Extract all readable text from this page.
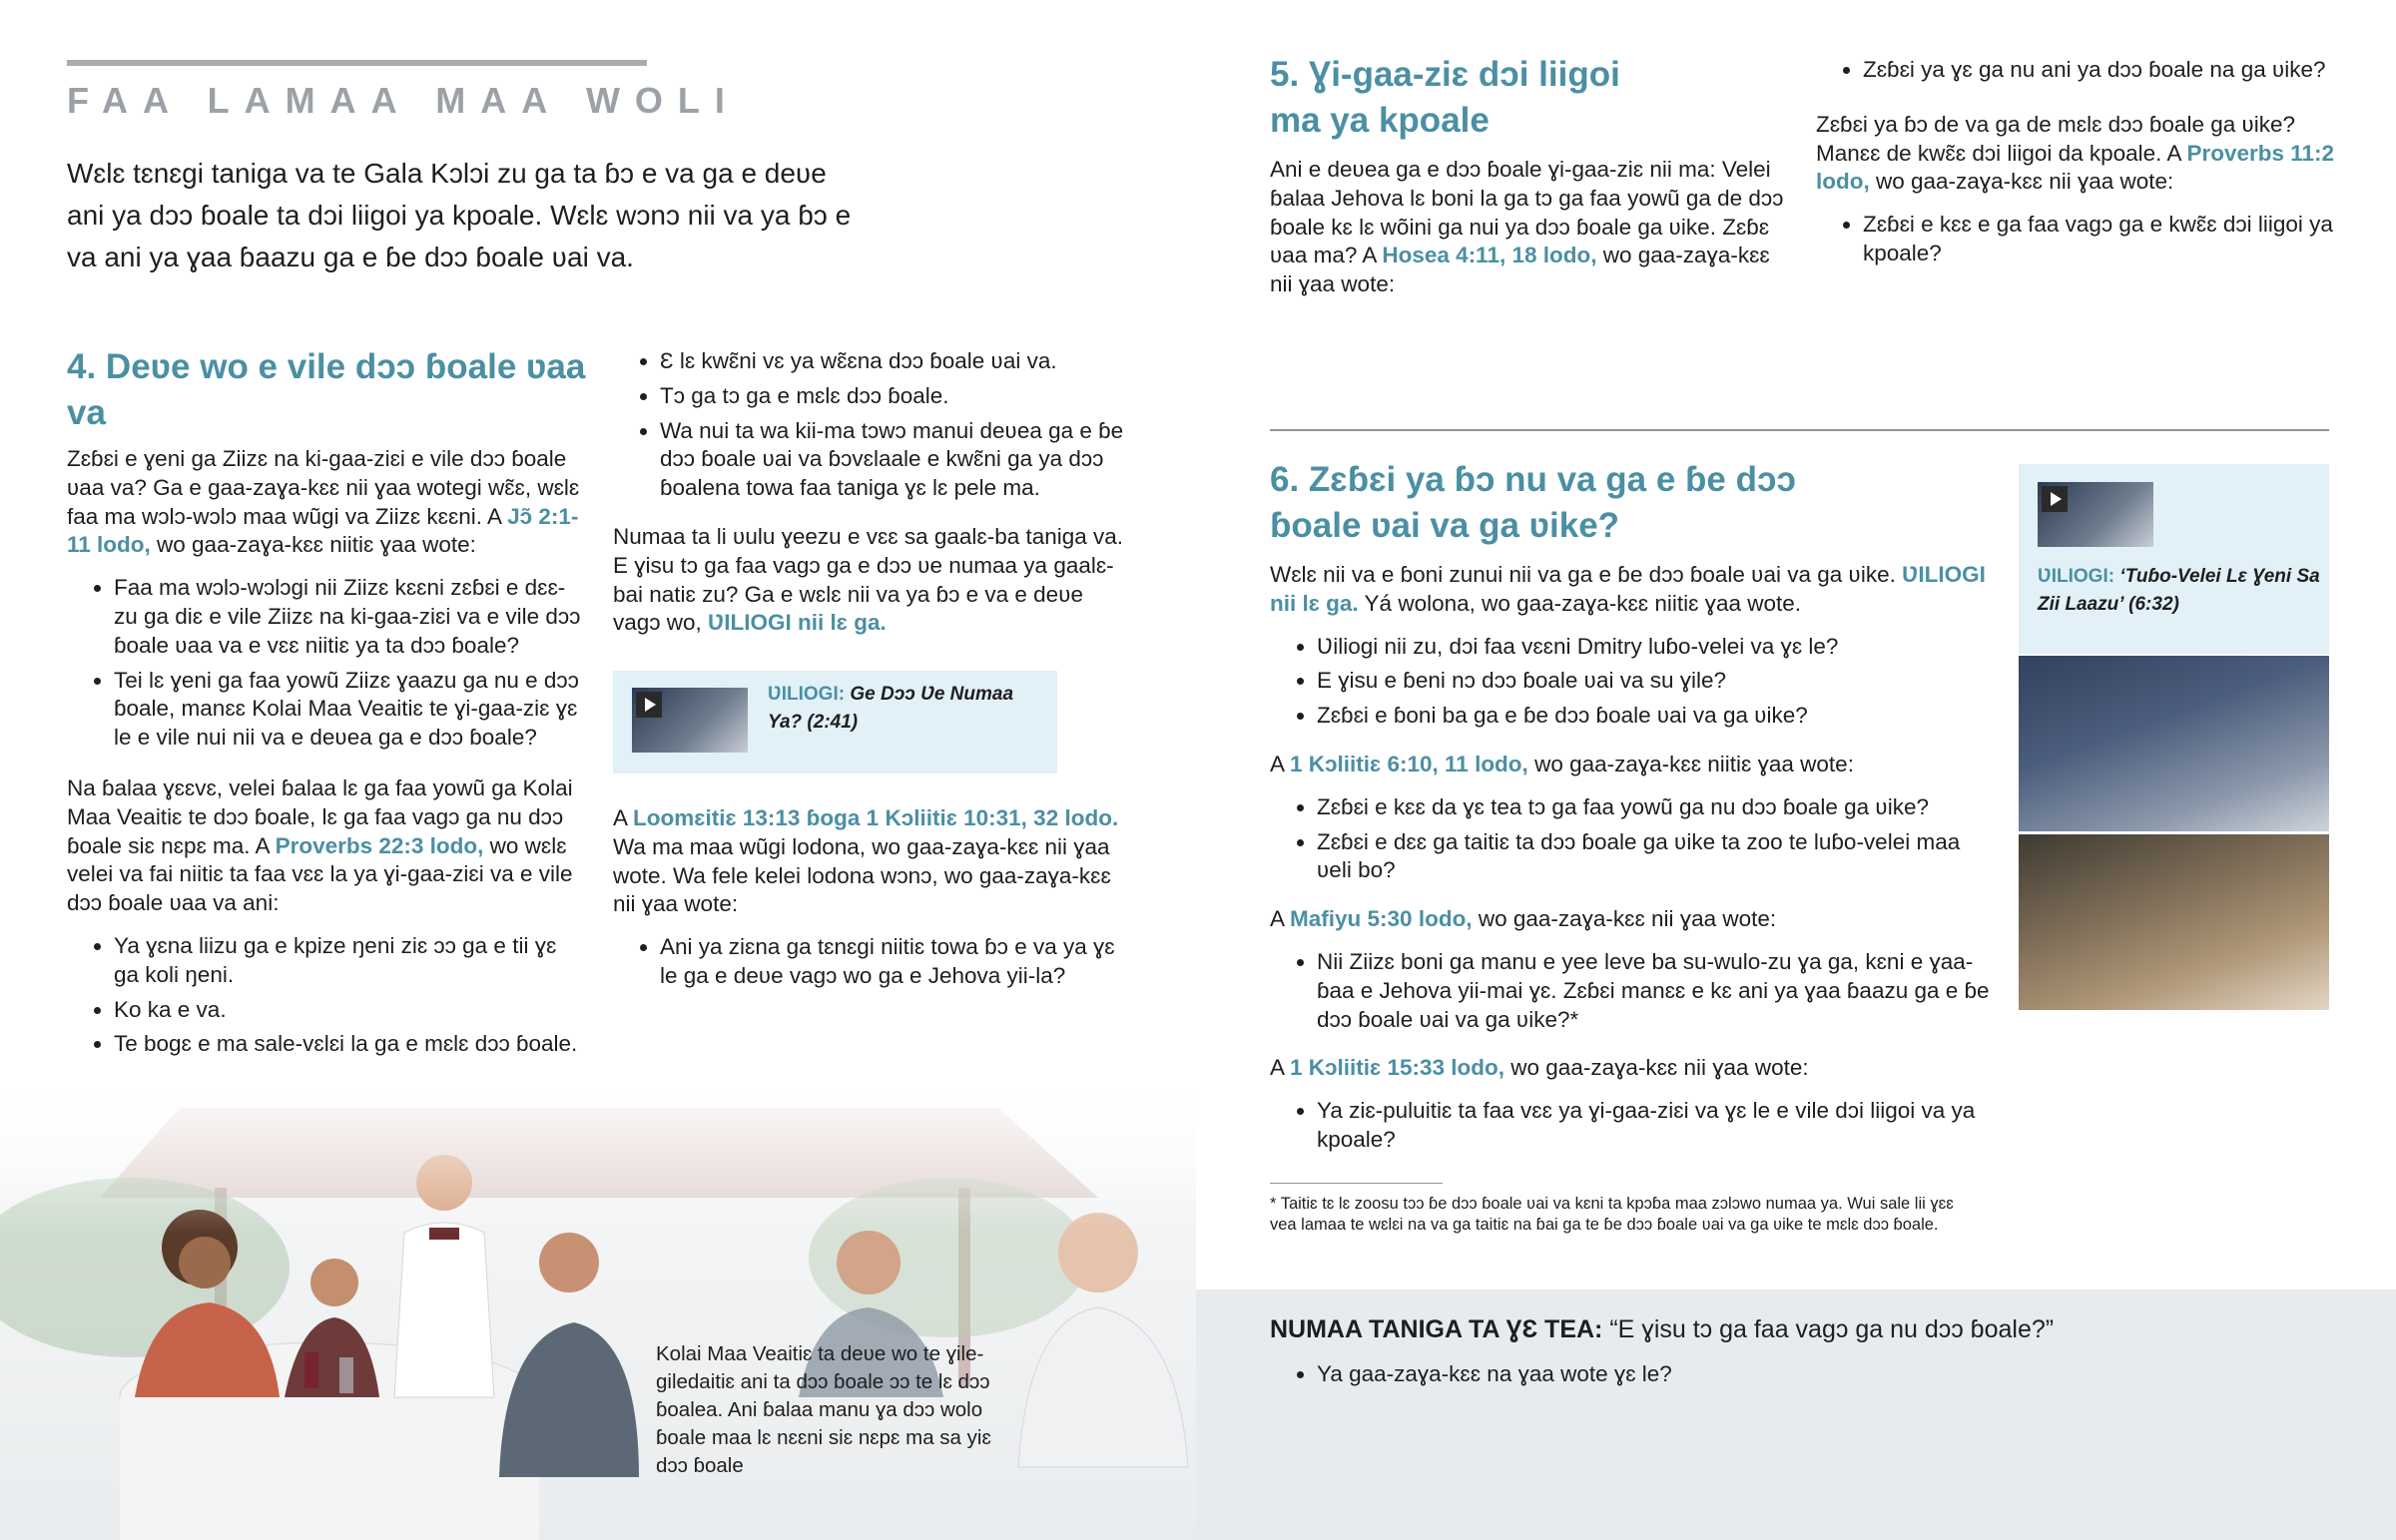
FAA LAMAA MAA WOLI
Wɛlɛ tɛnɛgi taniga va te Gala Kɔlɔi zu ga ta ɓɔ e va ga e deʋe ani ya dɔɔ ɓoale ta dɔi liigoi ya kpoale. Wɛlɛ wɔnɔ nii va ya ɓɔ e va ani ya ɣaa ɓaazu ga e ɓe dɔɔ ɓoale ʋai va.
4. Deʋe wo e vile dɔɔ ɓoale ʋaa va

Zɛɓɛi e ɣeni ga Ziizɛ na ki-gaa-ziɛi e vile dɔɔ ɓoale ʋaa va? Ga e gaa-zaɣa-kɛɛ nii ɣaa wotegi wɛ̃ɛ, wɛlɛ faa ma wɔlɔ-wɔlɔ maa wũgi va Ziizɛ kɛɛni. A Jɔ̃ 2:1-11 lodo, wo gaa-zaɣa-kɛɛ niitiɛ ɣaa wote:

• Faa ma wɔlɔ-wɔlɔgi nii Ziizɛ kɛɛni zɛɓɛi e dɛɛ-zu ga diɛ e vile Ziizɛ na ki-gaa-ziɛi va e vile dɔɔ ɓoale ʋaa va e vɛɛ niitiɛ ya ta dɔɔ ɓoale?
• Tei lɛ ɣeni ga faa yowũ Ziizɛ ɣaazu ga nu e dɔɔ ɓoale, manɛɛ Kolai Maa Veaitiɛ te ɣi-gaa-ziɛ ɣɛ le e vile nui nii va e deʋea ga e dɔɔ ɓoale?

Na ɓalaa ɣɛɛvɛ, velei ɓalaa lɛ ga faa yowũ ga Kolai Maa Veaitiɛ te dɔɔ ɓoale, lɛ ga faa vagɔ ga nu dɔɔ ɓoale siɛ nɛpɛ ma. A Proverbs 22:3 lodo, wo wɛlɛ velei va fai niitiɛ ta faa vɛɛ la ya ɣi-gaa-ziɛi va e vile dɔɔ ɓoale ʋaa va ani:

• Ya ɣɛna liizu ga e kpize ŋeni ziɛ ɔɔ ga e tii ɣɛ ga koli ŋeni.
• Ko ka e va.
• Te bogɛ e ma sale-vɛlɛi la ga e mɛlɛ dɔɔ ɓoale.
• Ɛ lɛ kwɛ̃ni vɛ ya wɛ̃ɛna dɔɔ ɓoale ʋai va.
• Tɔ ga tɔ ga e mɛlɛ dɔɔ ɓoale.
• Wa nui ta wa kii-ma tɔwɔ manui deʋea ga e ɓe dɔɔ ɓoale ʋai va ɓɔvɛlaale e kwɛ̃ni ga ya dɔɔ ɓoalena towa faa taniga ɣɛ lɛ pele ma.

Numaa ta li ʋulu ɣeezu e vɛɛ sa gaalɛ-ba taniga va. E ɣisu tɔ ga faa vagɔ ga e dɔɔ ʋe numaa ya gaalɛ-bai natiɛ zu? Ga e wɛlɛ nii va ya ɓɔ e va e deʋe vagɔ wo, ƲILIOGI nii lɛ ga.

ƲILIOGI: Ge Dɔɔ Ʋe Numaa Ya? (2:41)

A Loomɛitiɛ 13:13 ɓoga 1 Kɔliitiɛ 10:31, 32 lodo. Wa ma maa wũgi lodona, wo gaa-zaɣa-kɛɛ nii ɣaa wote. Wa fele kelei lodona wɔnɔ, wo gaa-zaɣa-kɛɛ nii ɣaa wote:

• Ani ya ziɛna ga tɛnɛgi niitiɛ towa ɓɔ e va ya ɣɛ le ga e deʋe vagɔ wo ga e Jehova yii-la?
Kolai Maa Veaitiɛ ta deʋe wo te ɣile-giledaitiɛ ani ta dɔɔ ɓoale ɔɔ te lɛ dɔɔ ɓoalea. Ani ɓalaa manu ɣa dɔɔ wolo ɓoale maa lɛ nɛɛni siɛ nɛpɛ ma sa yiɛ dɔɔ ɓoale
5. Ɣi-gaa-ziɛ dɔi liigoi ma ya kpoale

Ani e deʋea ga e dɔɔ ɓoale ɣi-gaa-ziɛ nii ma: Velei ɓalaa Jehova lɛ boni la ga tɔ ga faa yowũ ga de dɔɔ ɓoale kɛ lɛ wõini ga nui ya dɔɔ ɓoale ga ʋike. Zɛɓɛ ʋaa ma? A Hosea 4:11, 18 lodo, wo gaa-zaɣa-kɛɛ nii ɣaa wote:

• Zɛɓɛi ya ɣɛ ga nu ani ya dɔɔ ɓoale na ga ʋike?

Zɛɓɛi ya ɓɔ de va ga de mɛlɛ dɔɔ ɓoale ga ʋike? Manɛɛ de kwɛ̃ɛ dɔi liigoi da kpoale. A Proverbs 11:2 lodo, wo gaa-zaɣa-kɛɛ nii ɣaa wote:

• Zɛɓɛi e kɛɛ e ga faa vagɔ ga e kwɛ̃ɛ dɔi liigoi ya kpoale?
6. Zɛɓɛi ya ɓɔ nu va ga e ɓe dɔɔ ɓoale ʋai va ga ʋike?

Wɛlɛ nii va e ɓoni zunui nii va ga e ɓe dɔɔ ɓoale ʋai va ga ʋike. ƲILIOGI nii lɛ ga. Yá wolona, wo gaa-zaɣa-kɛɛ niitiɛ ɣaa wote.

• Ʋiliogi nii zu, dɔi faa vɛɛni Dmitry luɓo-velei va ɣɛ le?
• E ɣisu e ɓeni nɔ dɔɔ ɓoale ʋai va su ɣile?
• Zɛɓɛi e ɓoni ba ga e ɓe dɔɔ ɓoale ʋai va ga ʋike?

A 1 Kɔliitiɛ 6:10, 11 lodo, wo gaa-zaɣa-kɛɛ niitiɛ ɣaa wote:

• Zɛɓɛi e kɛɛ da ɣɛ tea tɔ ga faa yowũ ga nu dɔɔ ɓoale ga ʋike?
• Zɛɓɛi e dɛɛ ga taitiɛ ta dɔɔ ɓoale ga ʋike ta zoo te luɓo-velei maa ʋeli bo?

A Mafiyu 5:30 lodo, wo gaa-zaɣa-kɛɛ nii ɣaa wote:

• Nii Ziizɛ boni ga manu e yee leve ba su-wulo-zu ɣa ga, kɛni e ɣaa-ɓaa e Jehova yii-mai ɣɛ. Zɛɓɛi manɛɛ e kɛ ani ya ɣaa ɓaazu ga e ɓe dɔɔ ɓoale ʋai va ga ʋike?*

A 1 Kɔliitiɛ 15:33 lodo, wo gaa-zaɣa-kɛɛ nii ɣaa wote:

• Ya ziɛ-puluitiɛ ta faa vɛɛ ya ɣi-gaa-ziɛi va ɣɛ le e vile dɔi liigoi va ya kpoale?
* Taitiɛ tɛ lɛ zoosu tɔɔ ɓe dɔɔ ɓoale ʋai va kɛni ta kpɔɓa maa zɔlɔwo numaa ya. Wui sale lii ɣɛɛ vea lamaa te wɛlɛi na va ga taitiɛ na ɓai ga te ɓe dɔɔ ɓoale ʋai va ga ʋike te mɛlɛ dɔɔ ɓoale.
ƲILIOGI: ‘Tuɓo-Velei Lɛ Ɣeni Sa Zii Laazu’ (6:32)
NUMAA TANIGA TA ƔƐ TEA: “E ɣisu tɔ ga faa vagɔ ga nu dɔɔ ɓoale?”
• Ya gaa-zaɣa-kɛɛ na ɣaa wote ɣɛ le?
